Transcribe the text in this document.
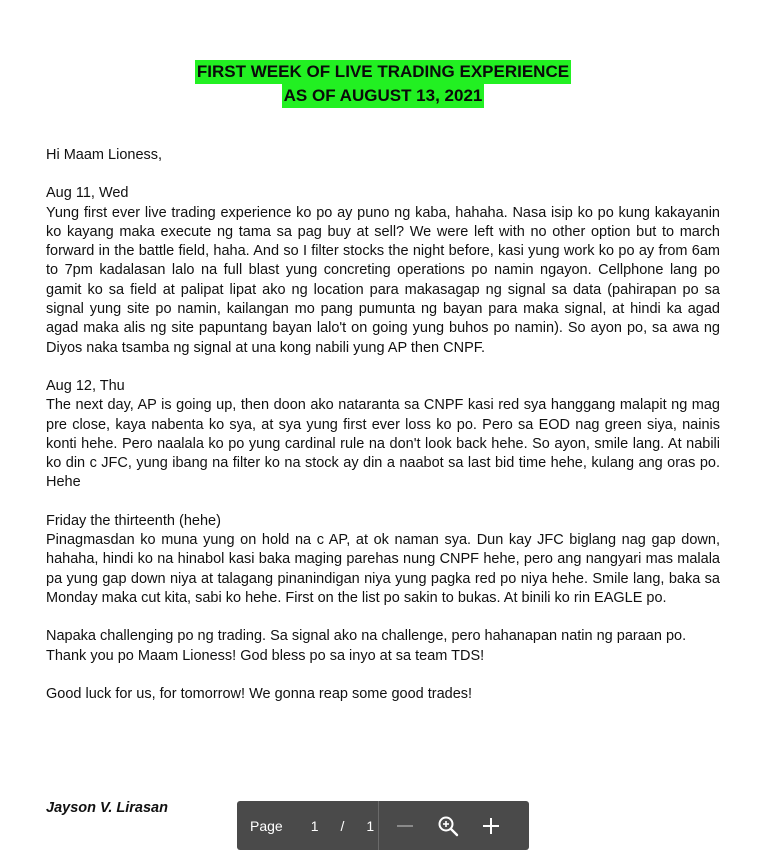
FIRST WEEK OF LIVE TRADING EXPERIENCE
AS OF AUGUST 13, 2021

Hi Maam Lioness,

Aug 11, Wed
Yung first ever live trading experience ko po ay puno ng kaba, hahaha. Nasa isip ko po kung kakayanin ko kayang maka execute ng tama sa pag buy at sell? We were left with no other option but to march forward in the battle field, haha. And so I filter stocks the night before, kasi yung work ko po ay from 6am to 7pm kadalasan lalo na full blast yung concreting operations po namin ngayon. Cellphone lang po gamit ko sa field at palipat lipat ako ng location para makasagap ng signal sa data (pahirapan po sa signal yung site po namin, kailangan mo pang pumunta ng bayan para maka signal, at hindi ka agad agad maka alis ng site papuntang bayan lalo't on going yung buhos po namin). So ayon po, sa awa ng Diyos naka tsamba ng signal at una kong nabili yung AP then CNPF.

Aug 12, Thu
The next day, AP is going up, then doon ako nataranta sa CNPF kasi red sya hanggang malapit ng mag pre close, kaya nabenta ko sya, at sya yung first ever loss ko po. Pero sa EOD nag green siya, nainis konti hehe. Pero naalala ko po yung cardinal rule na don't look back hehe. So ayon, smile lang. At nabili ko din c JFC, yung ibang na filter ko na stock ay din a naabot sa last bid time hehe, kulang ang oras po. Hehe

Friday the thirteenth (hehe)
Pinagmasdan ko muna yung on hold na c AP, at ok naman sya. Dun kay JFC biglang nag gap down, hahaha, hindi ko na hinabol kasi baka maging parehas nung CNPF hehe, pero ang nangyari mas malala pa yung gap down niya at talagang pinanindigan niya yung pagka red po niya hehe. Smile lang, baka sa Monday maka cut kita, sabi ko hehe. First on the list po sakin to bukas. At binili ko rin EAGLE po.

Napaka challenging po ng trading. Sa signal ako na challenge, pero hahanapan natin ng paraan po.
Thank you po Maam Lioness! God bless po sa inyo at sa team TDS!

Good luck for us, for tomorrow! We gonna reap some good trades!

Jayson V. Lirasan
Page 1 / 1
